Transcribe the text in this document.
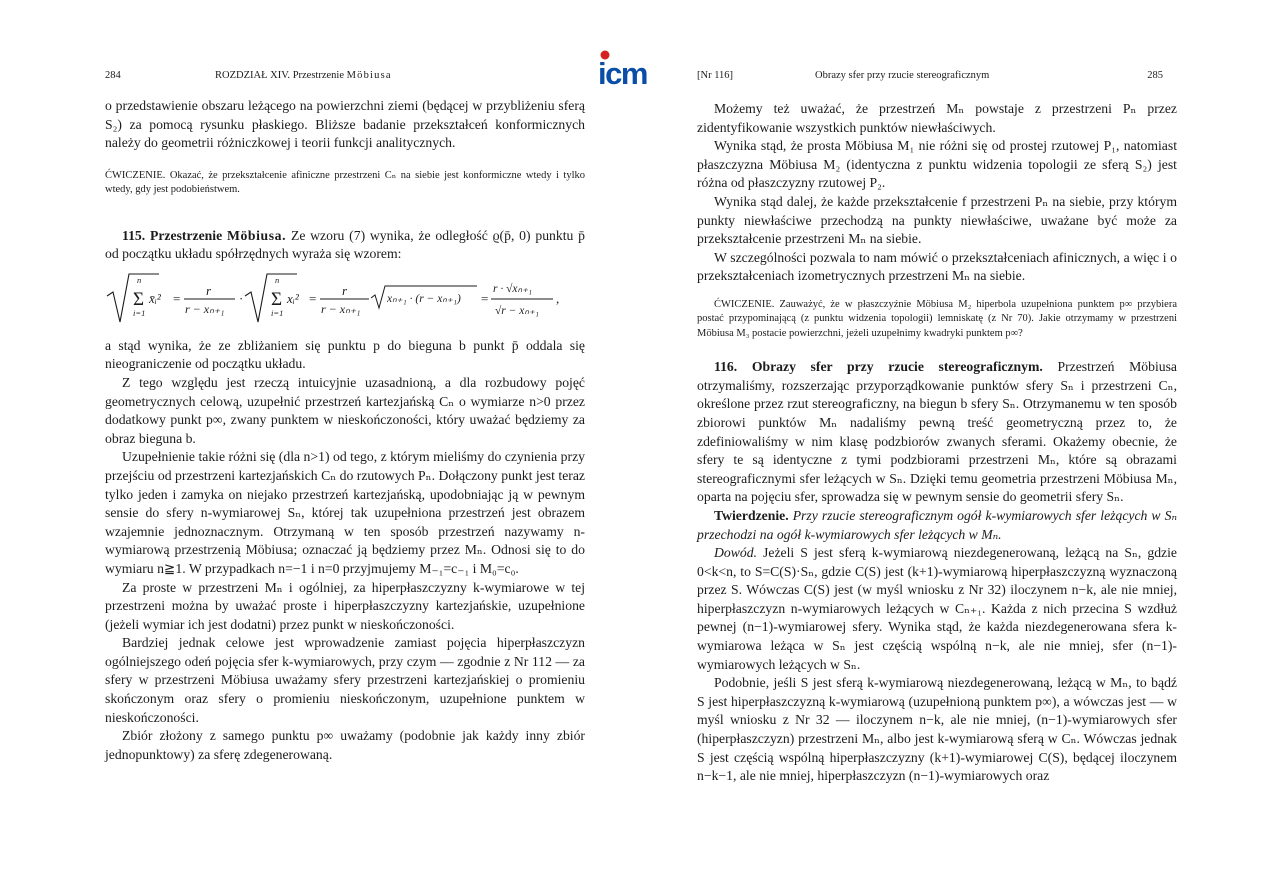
284	ROZDZIAŁ XIV. Przestrzenie Möbiusa

o przedstawienie obszaru leżącego na powierzchni ziemi (będącej w przybliżeniu sferą S₂) za pomocą rysunku płaskiego. Bliższe badanie przekształceń konformicznych należy do geometrii różniczkowej i teorii funkcji analitycznych.

ĆWICZENIE. Okazać, że przekształcenie afiniczne przestrzeni Cₙ na siebie jest konformiczne wtedy i tylko wtedy, gdy jest podobieństwem.

115. Przestrzenie Möbiusa. Ze wzoru (7) wynika, że odległość ϱ(p̄, 0) punktu p̄ od początku układu spółrzędnych wyraża się wzorem:

n
Σ
i=1
x̄ᵢ² =
r
r − xₙ₊₁
·
n
Σ
i=1
xᵢ² =
r
r − xₙ₊₁
xₙ₊₁ · (r − xₙ₊₁) =
r · √xₙ₊₁
√r − xₙ₊₁
,

a stąd wynika, że ze zbliżaniem się punktu p do bieguna b punkt p̄ oddala się nieograniczenie od początku układu.

Z tego względu jest rzeczą intuicyjnie uzasadnioną, a dla rozbudowy pojęć geometrycznych celową, uzupełnić przestrzeń kartezjańską Cₙ o wymiarze n>0 przez dodatkowy punkt p∞, zwany punktem w nieskończoności, który uważać będziemy za obraz bieguna b.

Uzupełnienie takie różni się (dla n>1) od tego, z którym mieliśmy do czynienia przy przejściu od przestrzeni kartezjańskich Cₙ do rzutowych Pₙ. Dołączony punkt jest teraz tylko jeden i zamyka on niejako przestrzeń kartezjańską, upodobniając ją w pewnym sensie do sfery n-wymiarowej Sₙ, której tak uzupełniona przestrzeń jest obrazem wzajemnie jednoznacznym. Otrzymaną w ten sposób przestrzeń nazywamy n-wymiarową przestrzenią Möbiusa; oznaczać ją będziemy przez Mₙ. Odnosi się to do wymiaru n≧1. W przypadkach n=−1 i n=0 przyjmujemy M₋₁=c₋₁ i M₀=c₀.

Za proste w przestrzeni Mₙ i ogólniej, za hiperpłaszczyzny k-wymiarowe w tej przestrzeni można by uważać proste i hiperpłaszczyzny kartezjańskie, uzupełnione (jeżeli wymiar ich jest dodatni) przez punkt w nieskończoności.

Bardziej jednak celowe jest wprowadzenie zamiast pojęcia hiperpłaszczyzn ogólniejszego odeń pojęcia sfer k-wymiarowych, przy czym — zgodnie z Nr 112 — za sfery w przestrzeni Möbiusa uważamy sfery przestrzeni kartezjańskiej o promieniu skończonym oraz sfery o promieniu nieskończonym, uzupełnione punktem w nieskończoności.

Zbiór złożony z samego punktu p∞ uważamy (podobnie jak każdy inny zbiór jednopunktowy) za sferę zdegenerowaną.

icm	[Nr 116]	Obrazy sfer przy rzucie stereograficznym	285

Możemy też uważać, że przestrzeń Mₙ powstaje z przestrzeni Pₙ przez zidentyfikowanie wszystkich punktów niewłaściwych.

Wynika stąd, że prosta Möbiusa M₁ nie różni się od prostej rzutowej P₁, natomiast płaszczyzna Möbiusa M₂ (identyczna z punktu widzenia topologii ze sferą S₂) jest różna od płaszczyzny rzutowej P₂.

Wynika stąd dalej, że każde przekształcenie f przestrzeni Pₙ na siebie, przy którym punkty niewłaściwe przechodzą na punkty niewłaściwe, uważane być może za przekształcenie przestrzeni Mₙ na siebie.

W szczególności pozwala to nam mówić o przekształceniach afinicznych, a więc i o przekształceniach izometrycznych przestrzeni Mₙ na siebie.

ĆWICZENIE. Zauważyć, że w płaszczyźnie Möbiusa M₂ hiperbola uzupełniona punktem p∞ przybiera postać przypominającą (z punktu widzenia topologii) lemniskatę (z Nr 70). Jakie otrzymamy w przestrzeni Möbiusa M₃ postacie powierzchni, jeżeli uzupełnimy kwadryki punktem p∞?

116. Obrazy sfer przy rzucie stereograficznym. Przestrzeń Möbiusa otrzymaliśmy, rozszerzając przyporządkowanie punktów sfery Sₙ i przestrzeni Cₙ, określone przez rzut stereograficzny, na biegun b sfery Sₙ. Otrzymanemu w ten sposób zbiorowi punktów Mₙ nadaliśmy pewną treść geometryczną przez to, że zdefiniowaliśmy w nim klasę podzbiorów zwanych sferami. Okażemy obecnie, że sfery te są identyczne z tymi podzbiorami przestrzeni Mₙ, które są obrazami stereograficznymi sfer leżących w Sₙ. Dzięki temu geometria przestrzeni Möbiusa Mₙ, oparta na pojęciu sfer, sprowadza się w pewnym sensie do geometrii sfery Sₙ.

Twierdzenie. Przy rzucie stereograficznym ogół k-wymiarowych sfer leżących w Sₙ przechodzi na ogół k-wymiarowych sfer leżących w Mₙ.

Dowód. Jeżeli S jest sferą k-wymiarową niezdegenerowaną, leżącą na Sₙ, gdzie 0<k<n, to S=C(S)·Sₙ, gdzie C(S) jest (k+1)-wymiarową hiperpłaszczyzną wyznaczoną przez S. Wówczas C(S) jest (w myśl wniosku z Nr 32) iloczynem n−k, ale nie mniej, hiperpłaszczyzn n-wymiarowych leżących w Cₙ₊₁. Każda z nich przecina S wzdłuż pewnej (n−1)-wymiarowej sfery. Wynika stąd, że każda niezdegenerowana sfera k-wymiarowa leżąca w Sₙ jest częścią wspólną n−k, ale nie mniej, sfer (n−1)-wymiarowych leżących w Sₙ.

Podobnie, jeśli S jest sferą k-wymiarową niezdegenerowaną, leżącą w Mₙ, to bądź S jest hiperpłaszczyzną k-wymiarową (uzupełnioną punktem p∞), a wówczas jest — w myśl wniosku z Nr 32 — iloczynem n−k, ale nie mniej, (n−1)-wymiarowych sfer (hiperpłaszczyzn) przestrzeni Mₙ, albo jest k-wymiarową sferą w Cₙ. Wówczas jednak S jest częścią wspólną hiperpłaszczyzny (k+1)-wymiarowej C(S), będącej iloczynem n−k−1, ale nie mniej, hiperpłaszczyzn (n−1)-wymiarowych oraz
